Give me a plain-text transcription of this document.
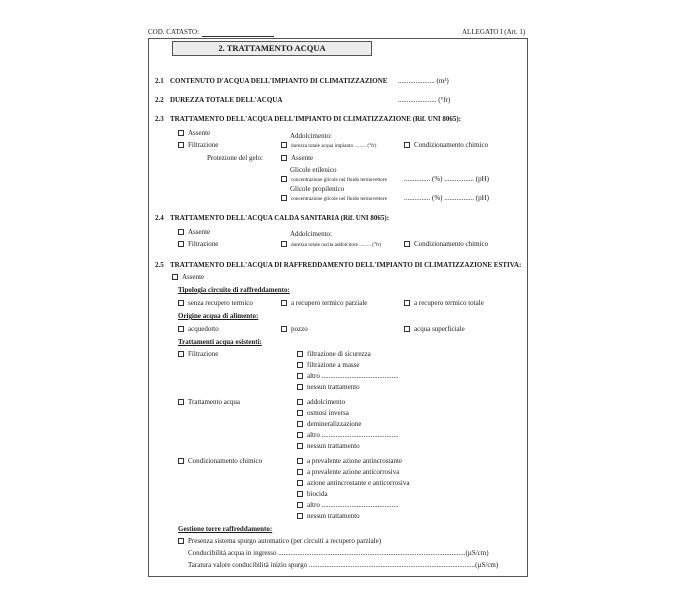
COD. CATASTO:	ALLEGATO I (Art. 1)
2. TRATTAMENTO ACQUA
2.1 CONTENUTO D'ACQUA DELL'IMPIANTO DI CLIMATIZZAZIONE ..................... (m³)
2.2 DUREZZA TOTALE DELL'ACQUA	...................... (°fr)
2.3 TRATTAMENTO DELL'ACQUA DELL'IMPIANTO DI CLIMATIZZAZIONE (Rif. UNI 8065):
Assente
Filtrazione
Addolcimento:
durezza totale acqua impianto ......... (°fr)	Condizionamento chimico
Protezione del gelo:	Assente
Glicole etilenico
concentrazione glicole nel fluido termovettore ............... (%) ................. (pH)
Glicole propilenico
concentrazione glicole nel fluido termovettore ............... (%) ................. (pH)
2.4 TRATTAMENTO DELL'ACQUA CALDA SANITARIA (Rif. UNI 8065):
Assente
Filtrazione
Addolcimento:
durezza totale uscita addolcitore ......... (°fr)	Condizionamento chimico
2.5 TRATTAMENTO DELL'ACQUA DI RAFFREDDAMENTO DELL'IMPIANTO DI CLIMATIZZAZIONE ESTIVA:
Assente
Tipologia circuito di raffreddamento:
senza recupero termico	a recupero termico parziale	a recupero termico totale
Origine acqua di alimento:
acquedotto	pozzo	acqua superficiale
Trattamenti acqua esistenti:
Filtrazione	filtrazione di sicurezza
filtrazione a masse
altro ............................................
nessun trattamento
Trattamento acqua	addolcimento
osmosi inversa
demineralizzazione
altro ............................................
nessun trattamento
Condizionamento chimico	a prevalente azione antincrostante
a prevalente azione anticorrosiva
azione antincrostante e anticorrosiva
biocida
altro ............................................
nessun trattamento
Gestione torre raffreddamento:
Presenza sistema spurgo automatico (per circuiti a recupero parziale)
Conducibilità acqua in ingresso ...........................................................................................................(µS/cm)
Taratura valore conducibilità inizio spurgo ...............................................................................................(µS/cm)
